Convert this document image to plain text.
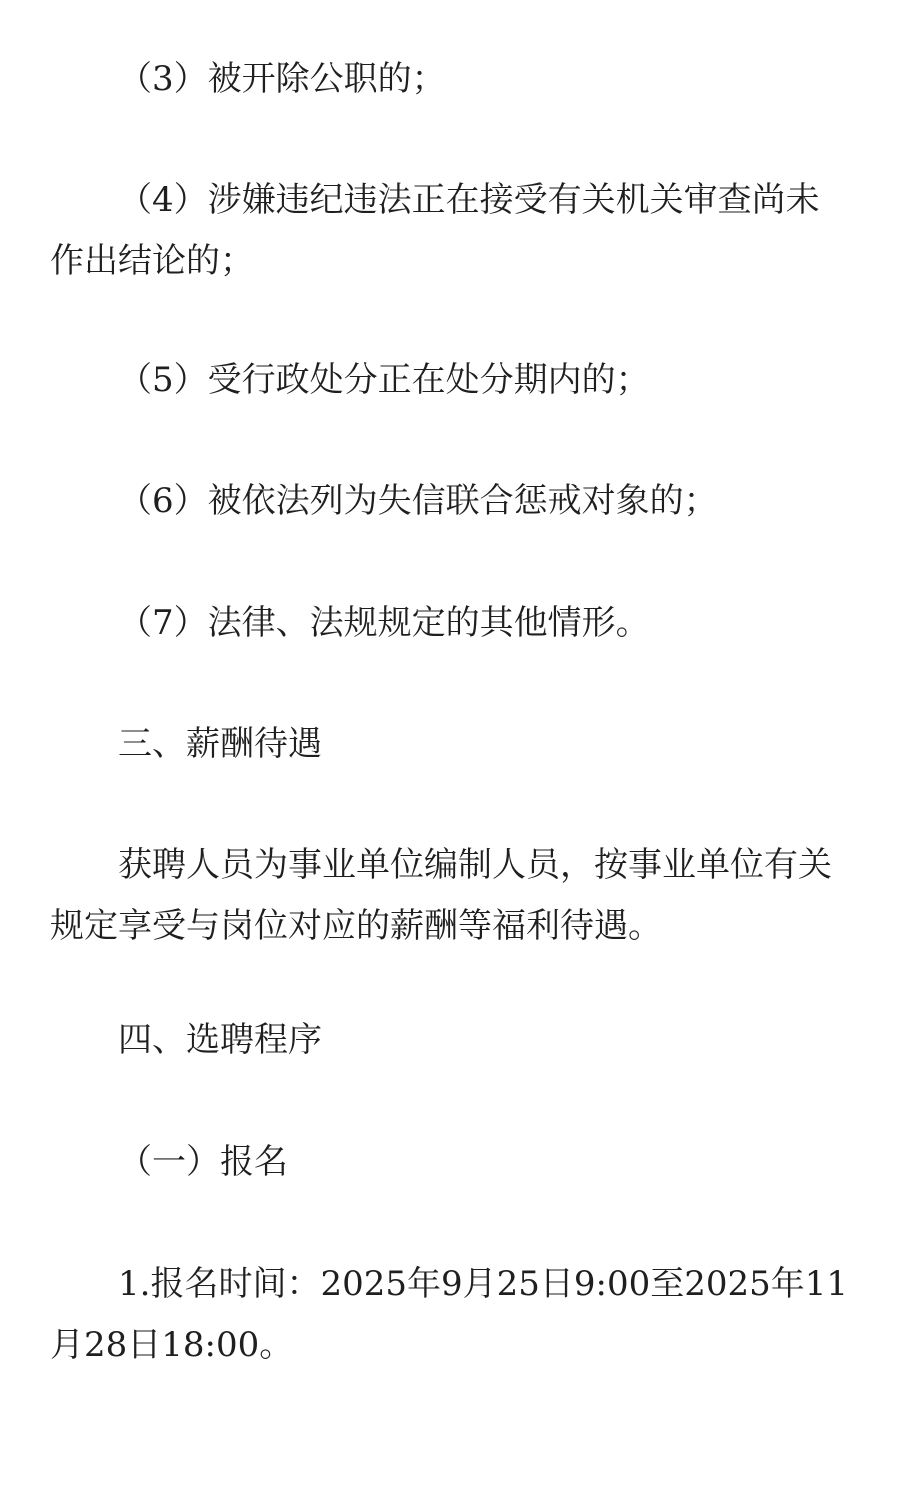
（3）被开除公职的；

（4）涉嫌违纪违法正在接受有关机关审查尚未作出结论的；

（5）受行政处分正在处分期内的；

（6）被依法列为失信联合惩戒对象的；

（7）法律、法规规定的其他情形。

三、薪酬待遇

获聘人员为事业单位编制人员，按事业单位有关规定享受与岗位对应的薪酬等福利待遇。

四、选聘程序

（一）报名

1.报名时间：2025年9月25日9:00至2025年11月28日18:00。
